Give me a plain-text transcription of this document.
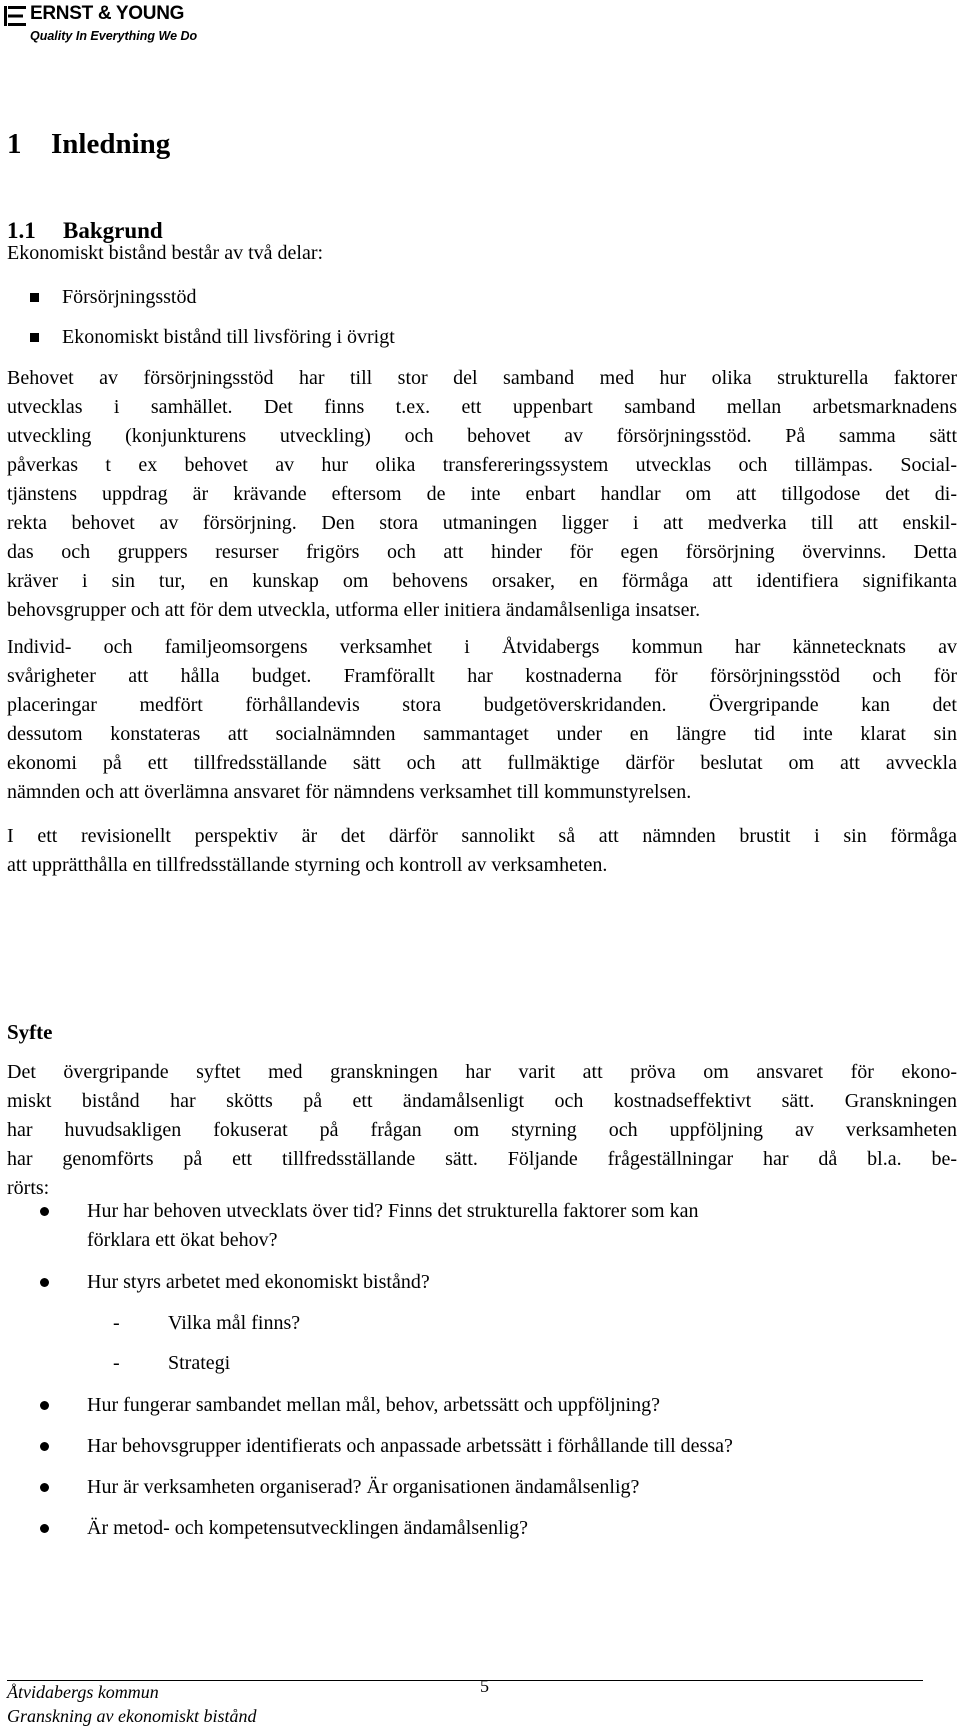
ERNST & YOUNG
Quality In Everything We Do
1 Inledning
1.1 Bakgrund
Ekonomiskt bistånd består av två delar:
Försörjningsstöd
Ekonomiskt bistånd till livsföring i övrigt
Behovet av försörjningsstöd har till stor del samband med hur olika strukturella faktorer
utvecklas i samhället. Det finns t.ex. ett uppenbart samband mellan arbetsmarknadens
utveckling (konjunkturens utveckling) och behovet av försörjningsstöd. På samma sätt
påverkas t ex behovet av hur olika transfereringssystem utvecklas och tillämpas. Social-
tjänstens uppdrag är krävande eftersom de inte enbart handlar om att tillgodose det di-
rekta behovet av försörjning. Den stora utmaningen ligger i att medverka till att enskil-
das och gruppers resurser frigörs och att hinder för egen försörjning övervinns. Detta
kräver i sin tur, en kunskap om behovens orsaker, en förmåga att identifiera signifikanta
behovsgrupper och att för dem utveckla, utforma eller initiera ändamålsenliga insatser.
Individ- och familjeomsorgens verksamhet i Åtvidabergs kommun har kännetecknats av
svårigheter att hålla budget. Framförallt har kostnaderna för försörjningsstöd och för
placeringar medfört förhållandevis stora budgetöverskridanden. Övergripande kan det
dessutom konstateras att socialnämnden sammantaget under en längre tid inte klarat sin
ekonomi på ett tillfredsställande sätt och att fullmäktige därför beslutat om att avveckla
nämnden och att överlämna ansvaret för nämndens verksamhet till kommunstyrelsen.
I ett revisionellt perspektiv är det därför sannolikt så att nämnden brustit i sin förmåga
att upprätthålla en tillfredsställande styrning och kontroll av verksamheten.
Syfte
Det övergripande syftet med granskningen har varit att pröva om ansvaret för ekono-
miskt bistånd har skötts på ett ändamålsenligt och kostnadseffektivt sätt. Granskningen
har huvudsakligen fokuserat på frågan om styrning och uppföljning av verksamheten
har genomförts på ett tillfredsställande sätt. Följande frågeställningar har då bl.a. be-
rörts:
Hur har behoven utvecklats över tid? Finns det strukturella faktorer som kan
förklara ett ökat behov?
Hur styrs arbetet med ekonomiskt bistånd?
- Vilka mål finns?
- Strategi
Hur fungerar sambandet mellan mål, behov, arbetssätt och uppföljning?
Har behovsgrupper identifierats och anpassade arbetssätt i förhållande till dessa?
Hur är verksamheten organiserad? Är organisationen ändamålsenlig?
Är metod- och kompetensutvecklingen ändamålsenlig?
Åtvidabergs kommun
Granskning av ekonomiskt bistånd
5
